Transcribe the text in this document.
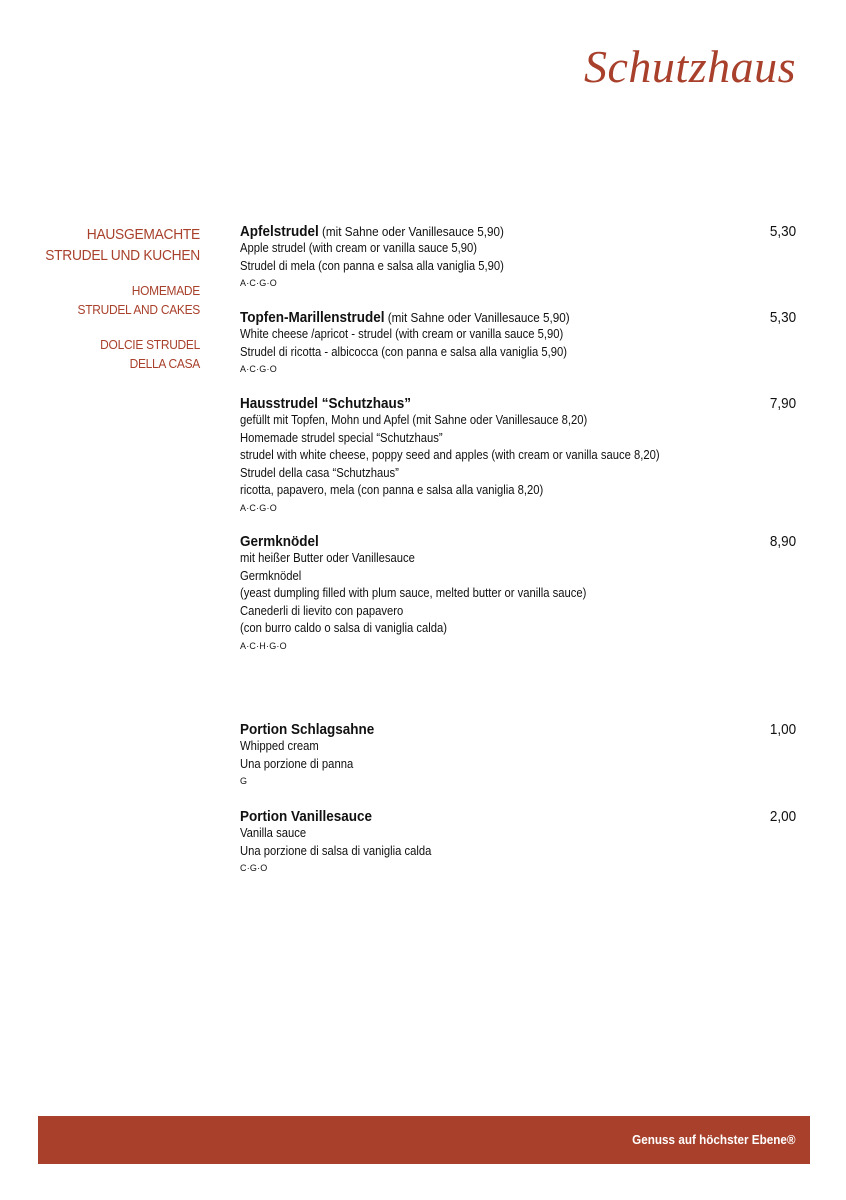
Schutzhaus
HAUSGEMACHTE
STRUDEL UND KUCHEN
HOMEMADE
STRUDEL AND CAKES
DOLCIE STRUDEL
DELLA CASA
Apfelstrudel (mit Sahne oder Vanillesauce 5,90)
Apple strudel (with cream or vanilla sauce 5,90)
Strudel di mela (con panna e salsa alla vaniglia 5,90)
A·C·G·O
5,30
Topfen-Marillenstrudel (mit Sahne oder Vanillesauce 5,90)
White cheese /apricot - strudel (with cream or vanilla sauce 5,90)
Strudel di ricotta - albicocca (con panna e salsa alla vaniglia 5,90)
A·C·G·O
5,30
Hausstrudel “Schutzhaus”
gefüllt mit Topfen, Mohn und Apfel (mit Sahne oder Vanillesauce 8,20)
Homemade strudel special “Schutzhaus”
strudel with white cheese, poppy seed and apples (with cream or vanilla sauce 8,20)
Strudel della casa “Schutzhaus”
ricotta, papavero, mela (con panna e salsa alla vaniglia 8,20)
A·C·G·O
7,90
Germknödel
mit heißer Butter oder Vanillesauce
Germknödel
(yeast dumpling filled with plum sauce, melted butter or vanilla sauce)
Canederli di lievito con papavero
(con burro caldo o salsa di vaniglia calda)
A·C·H·G·O
8,90
Portion Schlagsahne
Whipped cream
Una porzione di panna
G
1,00
Portion Vanillesauce
Vanilla sauce
Una porzione di salsa di vaniglia calda
C·G·O
2,00
Genuss auf höchster Ebene®
